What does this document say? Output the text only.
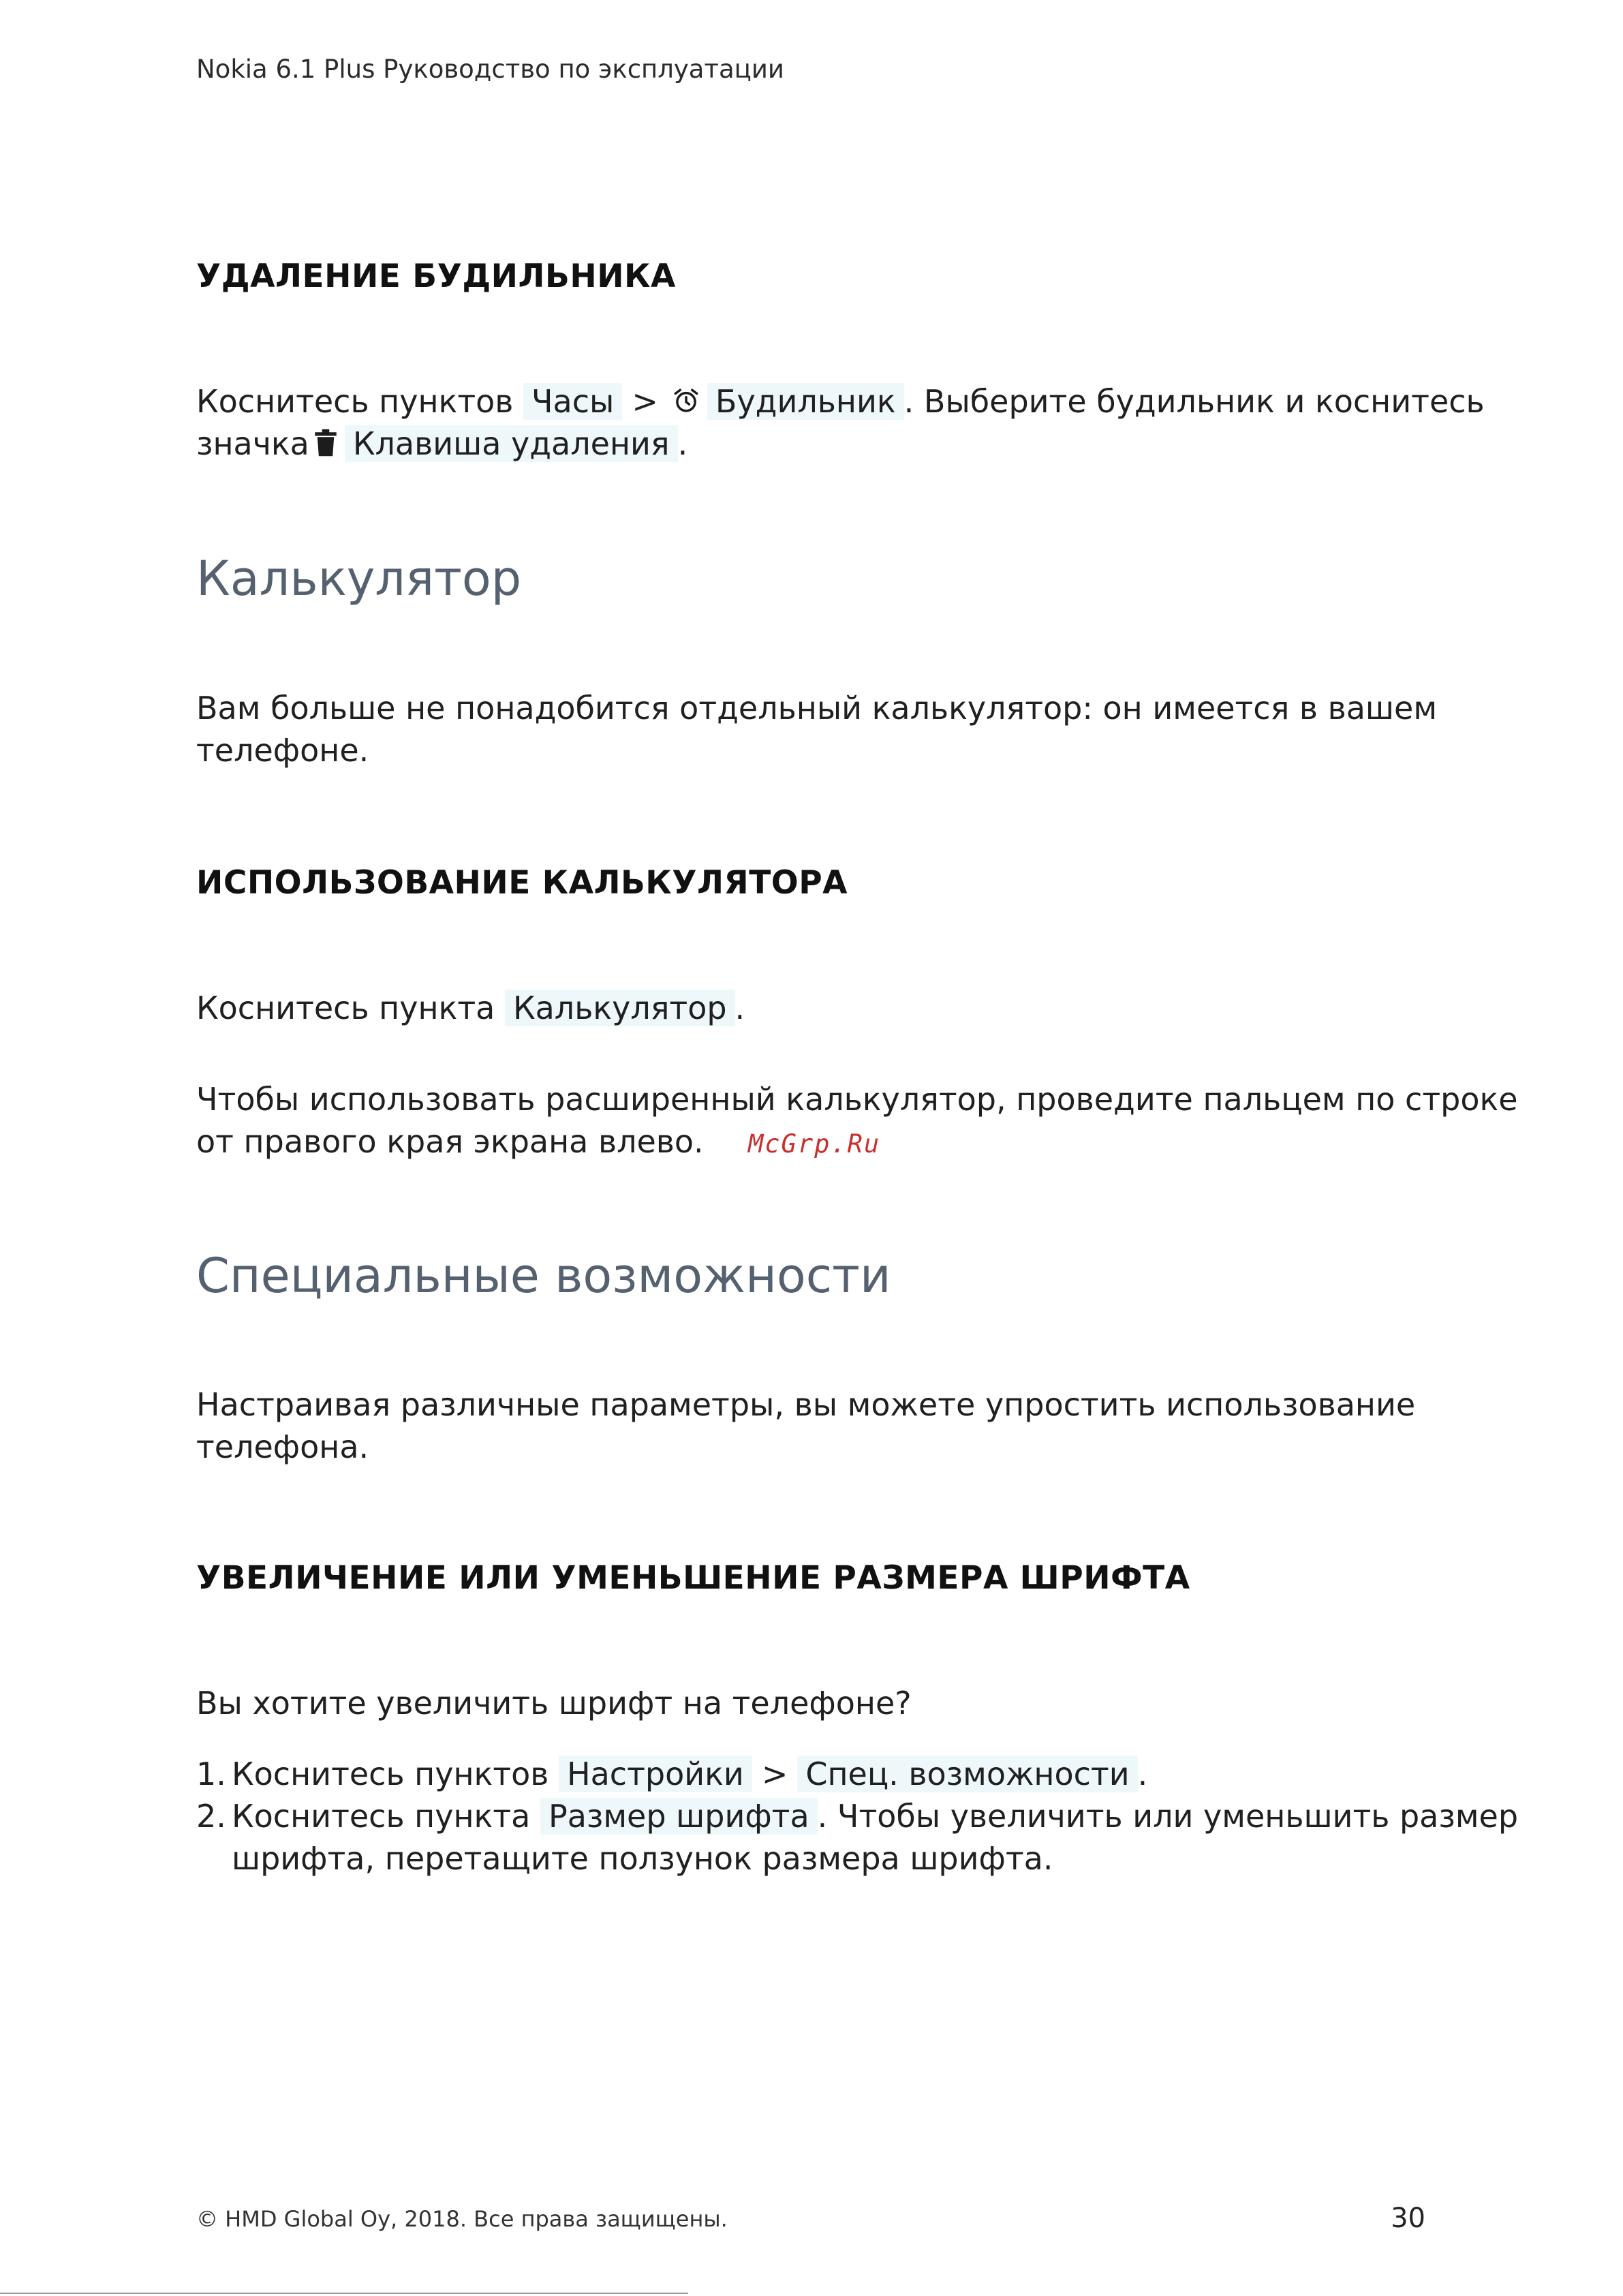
Nokia 6.1 Plus Руководство по эксплуатации
УДАЛЕНИЕ БУДИЛЬНИКА
Коснитесь пунктов Часы > Будильник . Выберите будильник и коснитесь
значка Клавиша удаления .
Калькулятор
Вам больше не понадобится отдельный калькулятор: он имеется в вашем
телефоне.
ИСПОЛЬЗОВАНИЕ КАЛЬКУЛЯТОРА
Коснитесь пункта Калькулятор .
Чтобы использовать расширенный калькулятор, проведите пальцем по строке
от правого края экрана влево. McGrp.Ru
Специальные возможности
Настраивая различные параметры, вы можете упростить использование
телефона.
УВЕЛИЧЕНИЕ ИЛИ УМЕНЬШЕНИЕ РАЗМЕРА ШРИФТА
Вы хотите увеличить шрифт на телефоне?
1. Коснитесь пунктов Настройки > Спец. возможности .
2. Коснитесь пункта Размер шрифта . Чтобы увеличить или уменьшить размер
шрифта, перетащите ползунок размера шрифта.
© HMD Global Oy, 2018. Все права защищены.	30
